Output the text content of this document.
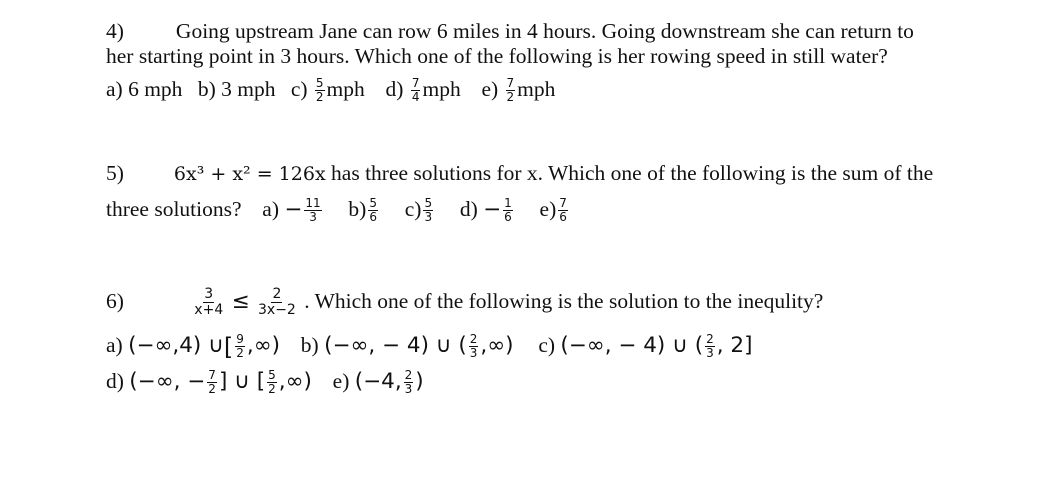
4) Going upstream Jane can row 6 miles in 4 hours. Going downstream she can return to
her starting point in 3 hours. Which one of the following is her rowing speed in still water?
a) 6 mph b) 3 mph $c) \frac{5}{2}$ mph $d) \frac{7}{4}$ mph $e) \frac{7}{2}$ mph
5)	6x³ + x² = 126x has three solutions for x. Which one of the following is the sum of the
three solutions? $a) - \frac{11}{3} b) \frac{5}{6} c) \frac{5}{3} d) - \frac{1}{6} e) \frac{7}{6}$
6)	$\frac{3}{x+4} \le \frac{2}{3x-2}$ . Which one of the following is the solution to the inequlity?
a) (−∞,4) ∪[ $\frac{9}{2}$ ,∞) b) (−∞, − 4) ∪ ( $\frac{2}{3}$ ,∞) c) (−∞, − 4) ∪ ( $\frac{2}{3}$ , 2]
d) (−∞, − $\frac{7}{2}$ ] ∪ [ $\frac{5}{2}$ ,∞) e) (−4, $\frac{2}{3}$ )
